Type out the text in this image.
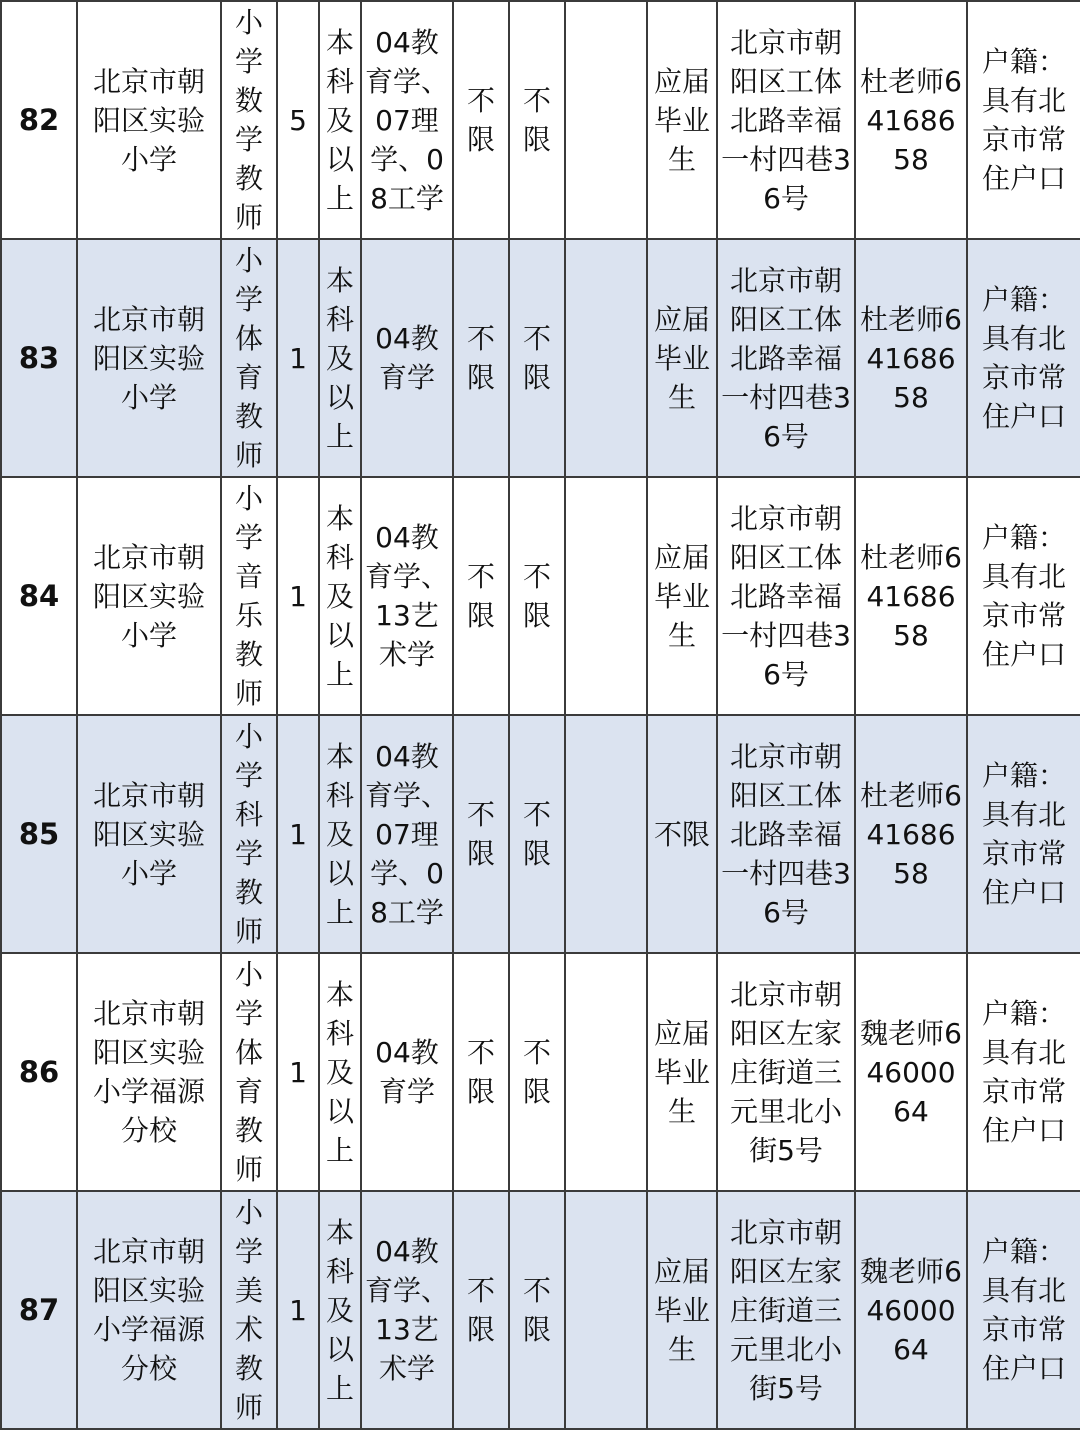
82	北京市朝阳区实验小学	小学数学教师	5	本科及以上	04教育学、07理学、08工学	不限	不限		应届毕业生	北京市朝阳区工体北路幸福一村四巷36号	杜老师64168658	户籍：具有北京市常住户口
83	北京市朝阳区实验小学	小学体育教师	1	本科及以上	04教育学	不限	不限		应届毕业生	北京市朝阳区工体北路幸福一村四巷36号	杜老师64168658	户籍：具有北京市常住户口
84	北京市朝阳区实验小学	小学音乐教师	1	本科及以上	04教育学、13艺术学	不限	不限		应届毕业生	北京市朝阳区工体北路幸福一村四巷36号	杜老师64168658	户籍：具有北京市常住户口
85	北京市朝阳区实验小学	小学科学教师	1	本科及以上	04教育学、07理学、08工学	不限	不限		不限	北京市朝阳区工体北路幸福一村四巷36号	杜老师64168658	户籍：具有北京市常住户口
86	北京市朝阳区实验小学福源分校	小学体育教师	1	本科及以上	04教育学	不限	不限		应届毕业生	北京市朝阳区左家庄街道三元里北小街5号	魏老师64600064	户籍：具有北京市常住户口
87	北京市朝阳区实验小学福源分校	小学美术教师	1	本科及以上	04教育学、13艺术学	不限	不限		应届毕业生	北京市朝阳区左家庄街道三元里北小街5号	魏老师64600064	户籍：具有北京市常住户口
